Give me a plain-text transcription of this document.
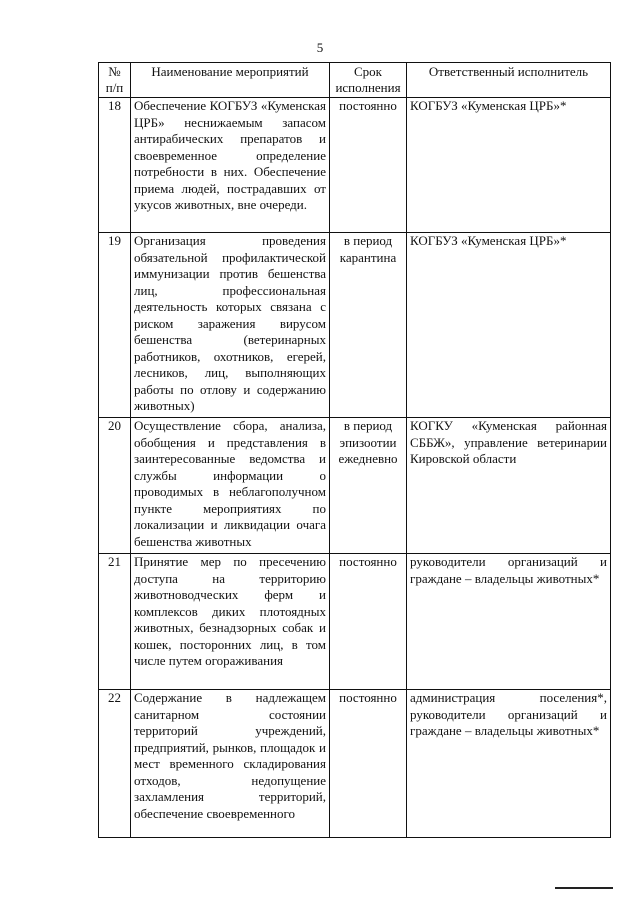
5
№ п/п	Наименование мероприятий	Срок исполнения	Ответственный исполнитель
18	Обеспечение КОГБУЗ «Куменская ЦРБ» неснижаемым запасом антирабических препаратов и своевременное определение потребности в них. Обеспечение приема людей, пострадавших от укусов животных, вне очереди.	постоянно	КОГБУЗ «Куменская ЦРБ»*
19	Организация проведения обязательной профилактической иммунизации против бешенства лиц, профессиональная деятельность которых связана с риском заражения вирусом бешенства (ветеринарных работников, охотников, егерей, лесников, лиц, выполняющих работы по отлову и содержанию животных)	в период карантина	КОГБУЗ «Куменская ЦРБ»*
20	Осуществление сбора, анализа, обобщения и представления в заинтересованные ведомства и службы информации о проводимых в неблагополучном пункте мероприятиях по локализации и ликвидации очага бешенства животных	в период эпизоотии ежедневно	КОГКУ «Куменская районная СББЖ», управление ветеринарии Кировской области
21	Принятие мер по пресечению доступа на территорию животноводческих ферм и комплексов диких плотоядных животных, безнадзорных собак и кошек, посторонних лиц, в том числе путем огораживания	постоянно	руководители организаций и граждане – владельцы животных*
22	Содержание в надлежащем санитарном состоянии территорий учреждений, предприятий, рынков, площадок и мест временного складирования отходов, недопущение захламления территорий, обеспечение своевременного	постоянно	администрация поселения*, руководители организаций и граждане – владельцы животных*
